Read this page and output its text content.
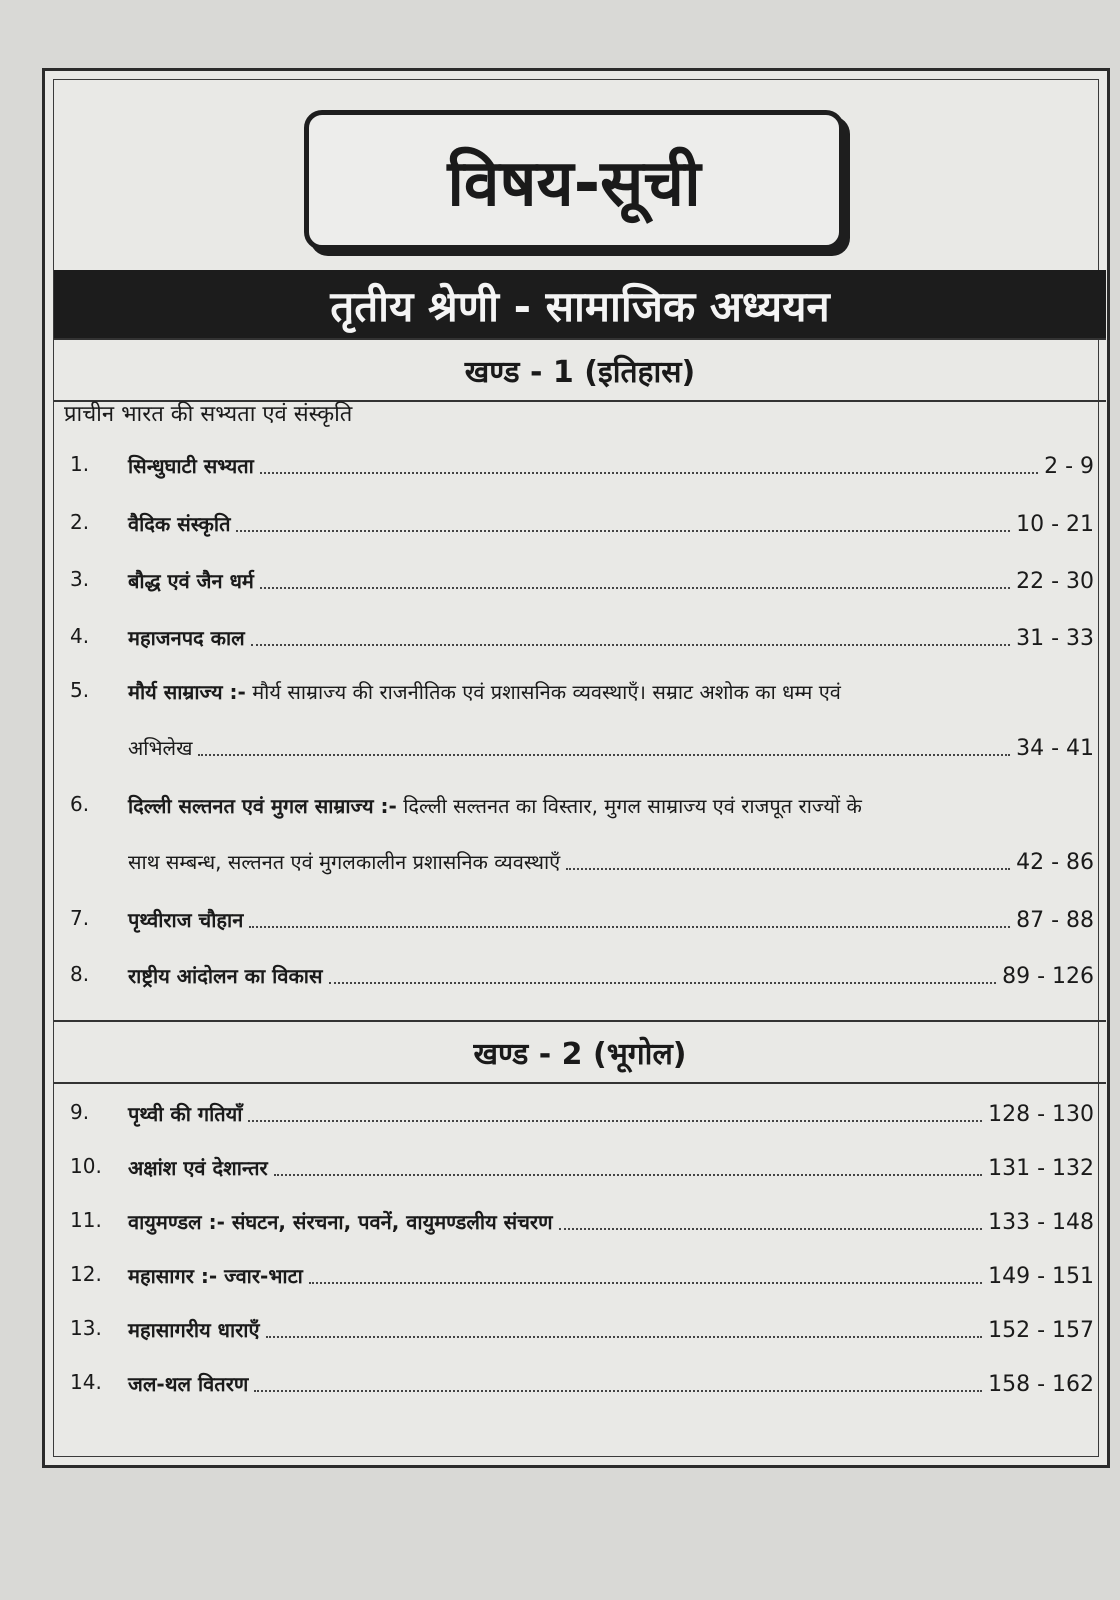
विषय-सूची
तृतीय श्रेणी - सामाजिक अध्ययन
खण्ड - 1 (इतिहास)
प्राचीन भारत की सभ्यता एवं संस्कृति
1. सिन्धुघाटी सभ्यता	2 - 9
2. वैदिक संस्कृति	10 - 21
3. बौद्ध एवं जैन धर्म	22 - 30
4. महाजनपद काल	31 - 33
5. मौर्य साम्राज्य :- मौर्य साम्राज्य की राजनीतिक एवं प्रशासनिक व्यवस्थाएँ। सम्राट अशोक का धम्म एवं
अभिलेख	34 - 41
6. दिल्ली सल्तनत एवं मुगल साम्राज्य :- दिल्ली सल्तनत का विस्तार, मुगल साम्राज्य एवं राजपूत राज्यों के
साथ सम्बन्ध, सल्तनत एवं मुगलकालीन प्रशासनिक व्यवस्थाएँ	42 - 86
7. पृथ्वीराज चौहान	87 - 88
8. राष्ट्रीय आंदोलन का विकास	89 - 126
खण्ड - 2 (भूगोल)
9. पृथ्वी की गतियाँ	128 - 130
10. अक्षांश एवं देशान्तर	131 - 132
11. वायुमण्डल :- संघटन, संरचना, पवनें, वायुमण्डलीय संचरण	133 - 148
12. महासागर :- ज्वार-भाटा	149 - 151
13. महासागरीय धाराएँ	152 - 157
14. जल-थल वितरण	158 - 162
